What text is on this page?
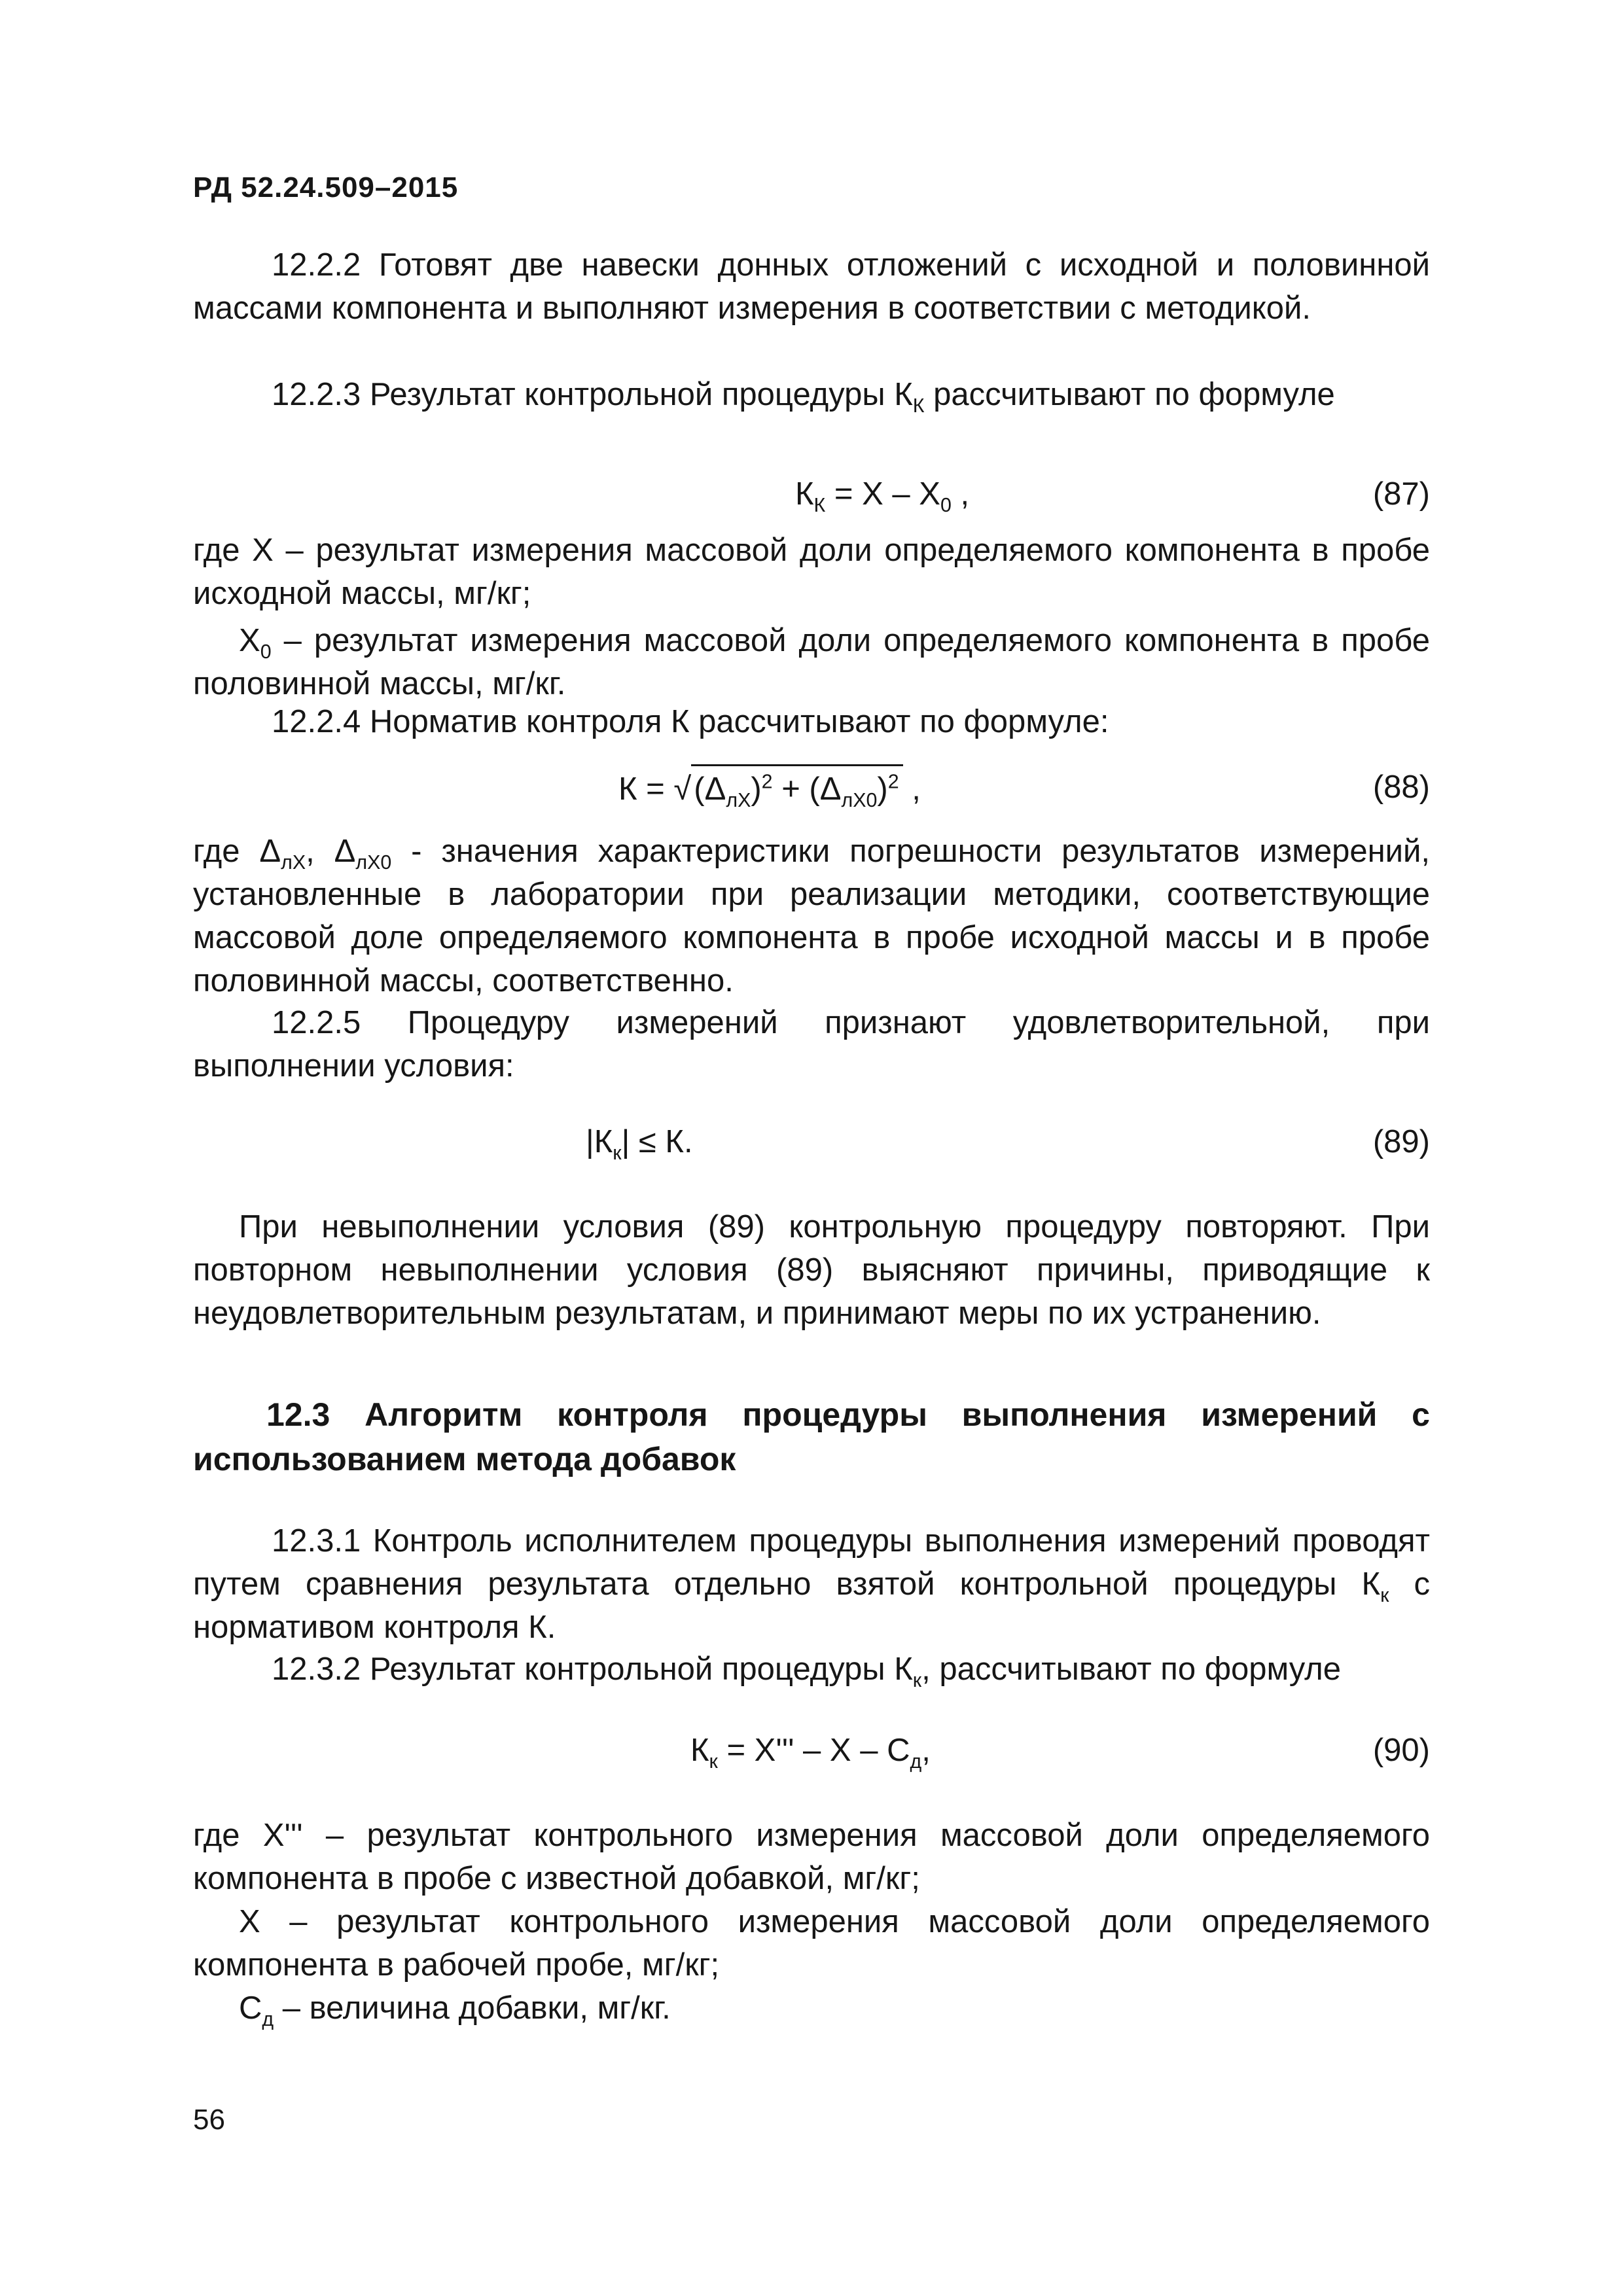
РД 52.24.509–2015

12.2.2 Готовят две навески донных отложений с исходной и половинной массами компонента и выполняют измерения в соответствии с методикой.

12.2.3 Результат контрольной процедуры $К_К$ рассчитывают по формуле

$К_К = X - X_0$ ,	(87)

где X – результат измерения массовой доли определяемого компонента в пробе исходной массы, мг/кг;

$X_0$ – результат измерения массовой доли определяемого компонента в пробе половинной массы, мг/кг.

12.2.4 Норматив контроля К рассчитывают по формуле:

$К = √(\Delta_{лX})^2 + (\Delta_{лX0})^2$ ,	(88)

где $\Delta_{лX}$, $\Delta_{лX0}$ - значения характеристики погрешности результатов измерений, установленные в лаборатории при реализации методики, соответствующие массовой доле определяемого компонента в пробе исходной массы и в пробе половинной массы, соответственно.

12.2.5 Процедуру измерений признают удовлетворительной, при выполнении условия:

$|К_к| \le К$.	(89)

При невыполнении условия (89) контрольную процедуру повторяют. При повторном невыполнении условия (89) выясняют причины, приводящие к неудовлетворительным результатам, и принимают меры по их устранению.

12.3 Алгоритм контроля процедуры выполнения измерений с использованием метода добавок

12.3.1 Контроль исполнителем процедуры выполнения измерений проводят путем сравнения результата отдельно взятой контрольной процедуры $К_к$ с нормативом контроля К.

12.3.2 Результат контрольной процедуры $К_к$, рассчитывают по формуле

$К_к = X''' - X - C_д$,	(90)

где X''' – результат контрольного измерения массовой доли определяемого компонента в пробе с известной добавкой, мг/кг;

X – результат контрольного измерения массовой доли определяемого компонента в рабочей пробе, мг/кг;

$C_д$ – величина добавки, мг/кг.

56
